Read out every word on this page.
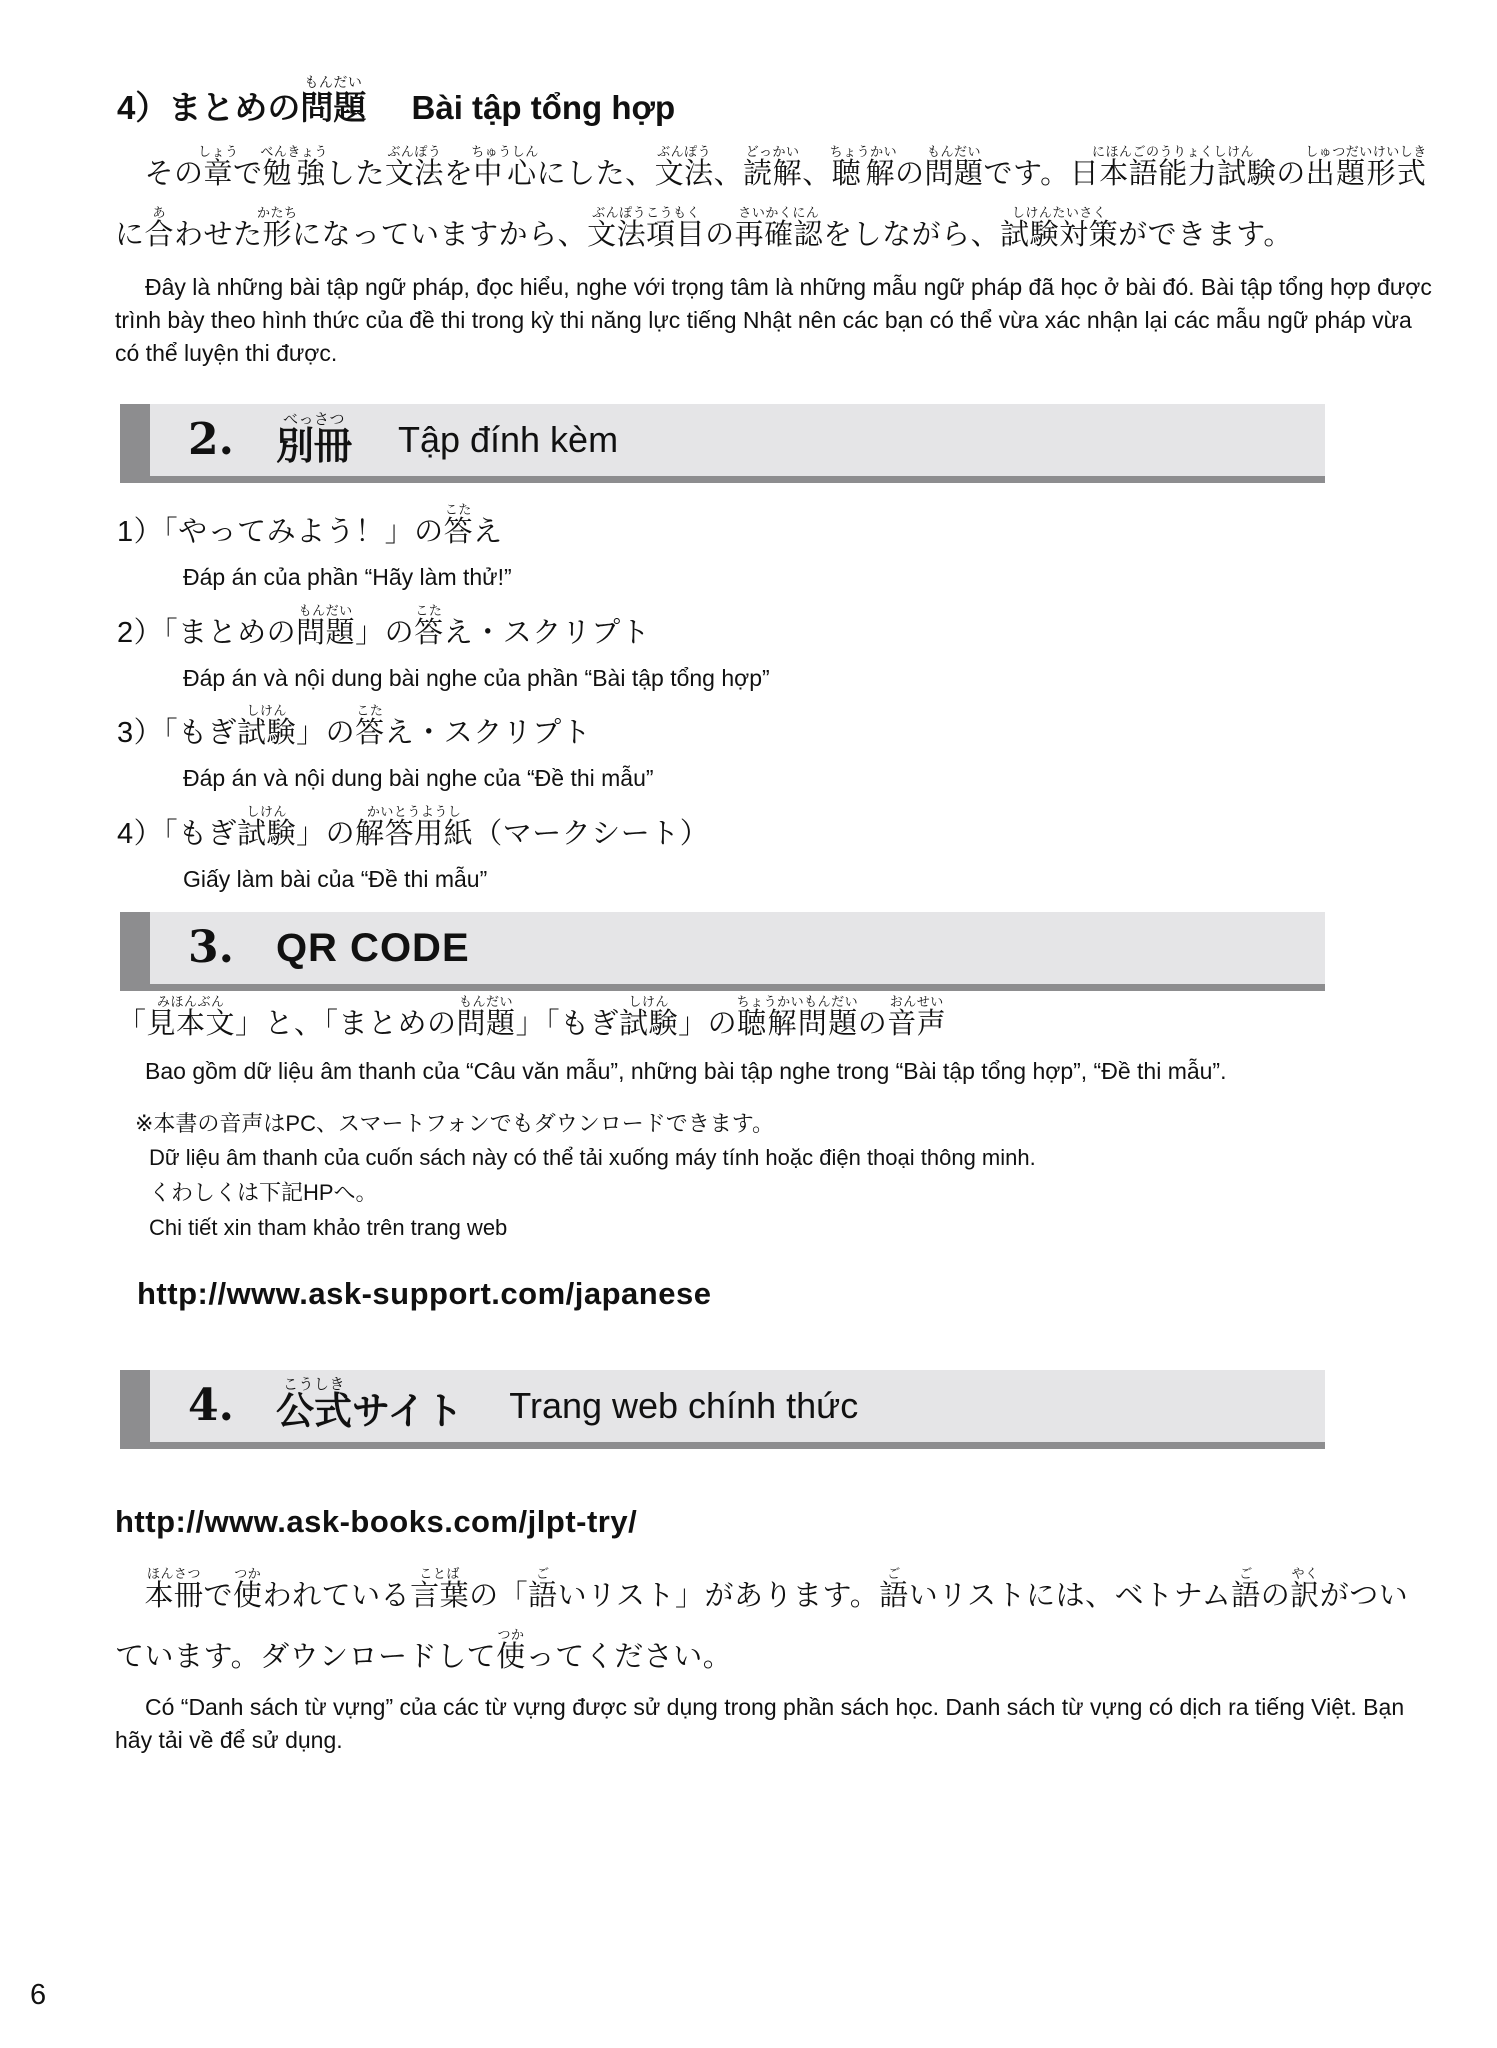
4）まとめの問題もんだい Bài tập tổng hợp

　その章しょうで勉強べんきょうした文法ぶんぽうを中心ちゅうしんにした、文法ぶんぽう、読解どっかい、聴解ちょうかいの問題もんだいです。日本語能力試験にほんごのうりょくしけんの出題形式しゅつだいけいしきに合あわせた形かたちになっていますから、文法項目ぶんぽうこうもくの再確認さいかくにんをしながら、試験対策しけんたいさくができます。

Đây là những bài tập ngữ pháp, đọc hiểu, nghe với trọng tâm là những mẫu ngữ pháp đã học ở bài đó. Bài tập tổng hợp được trình bày theo hình thức của đề thi trong kỳ thi năng lực tiếng Nhật nên các bạn có thể vừa xác nhận lại các mẫu ngữ pháp vừa có thể luyện thi được.

2. 別冊べっさつ Tập đính kèm
1）「やってみよう！」の答こたえ
Đáp án của phần “Hãy làm thử!”
2）「まとめの問題もんだい」の答こたえ・スクリプト
Đáp án và nội dung bài nghe của phần “Bài tập tổng hợp”
3）「もぎ試験しけん」の答こたえ・スクリプト
Đáp án và nội dung bài nghe của “Đề thi mẫu”
4）「もぎ試験しけん」の解答用紙かいとうようし（マークシート）
Giấy làm bài của “Đề thi mẫu”
3. QR CODE

「見本文みほんぶん」と、「まとめの問題もんだい」「もぎ試験しけん」の聴解問題ちょうかいもんだいの音声おんせい

Bao gồm dữ liệu âm thanh của “Câu văn mẫu”, những bài tập nghe trong “Bài tập tổng hợp”, “Đề thi mẫu”.

※本書の音声はPC、スマートフォンでもダウンロードできます。
Dữ liệu âm thanh của cuốn sách này có thể tải xuống máy tính hoặc điện thoại thông minh.
くわしくは下記HPへ。
Chi tiết xin tham khảo trên trang web
http://www.ask-support.com/japanese
4. 公式こうしきサイト Trang web chính thức
http://www.ask-books.com/jlpt-try/

　本冊ほんさつで使つかわれている言葉ことばの「語ごいリスト」があります。語ごいリストには、ベトナム語ごの訳やくがついています。ダウンロードして使つかってください。

Có “Danh sách từ vựng” của các từ vựng được sử dụng trong phần sách học. Danh sách từ vựng có dịch ra tiếng Việt. Bạn hãy tải về để sử dụng.

6
